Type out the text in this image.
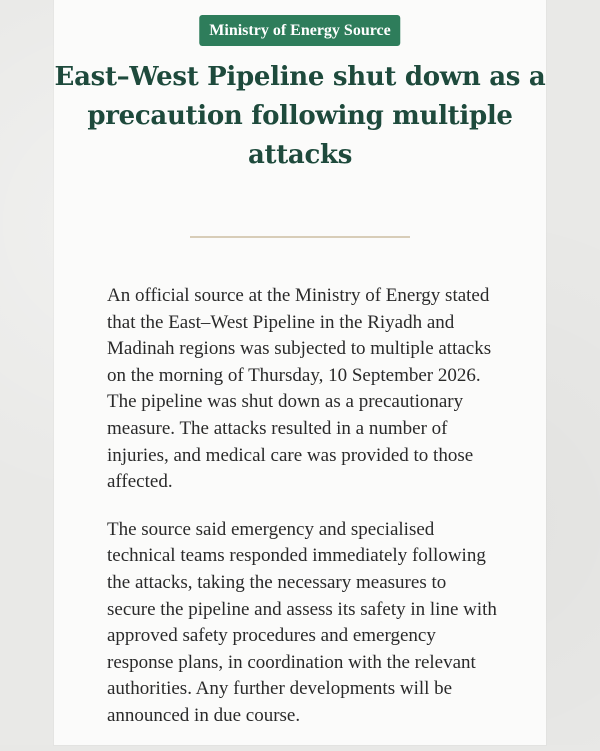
Ministry of Energy Source
East–West Pipeline shut down as a precaution following multiple attacks

An official source at the Ministry of Energy stated that the East–West Pipeline in the Riyadh and Madinah regions was subjected to multiple attacks on the morning of Thursday, 10 September 2026. The pipeline was shut down as a precautionary measure. The attacks resulted in a number of injuries, and medical care was provided to those affected.

The source said emergency and specialised technical teams responded immediately following the attacks, taking the necessary measures to secure the pipeline and assess its safety in line with approved safety procedures and emergency response plans, in coordination with the relevant authorities. Any further developments will be announced in due course.
